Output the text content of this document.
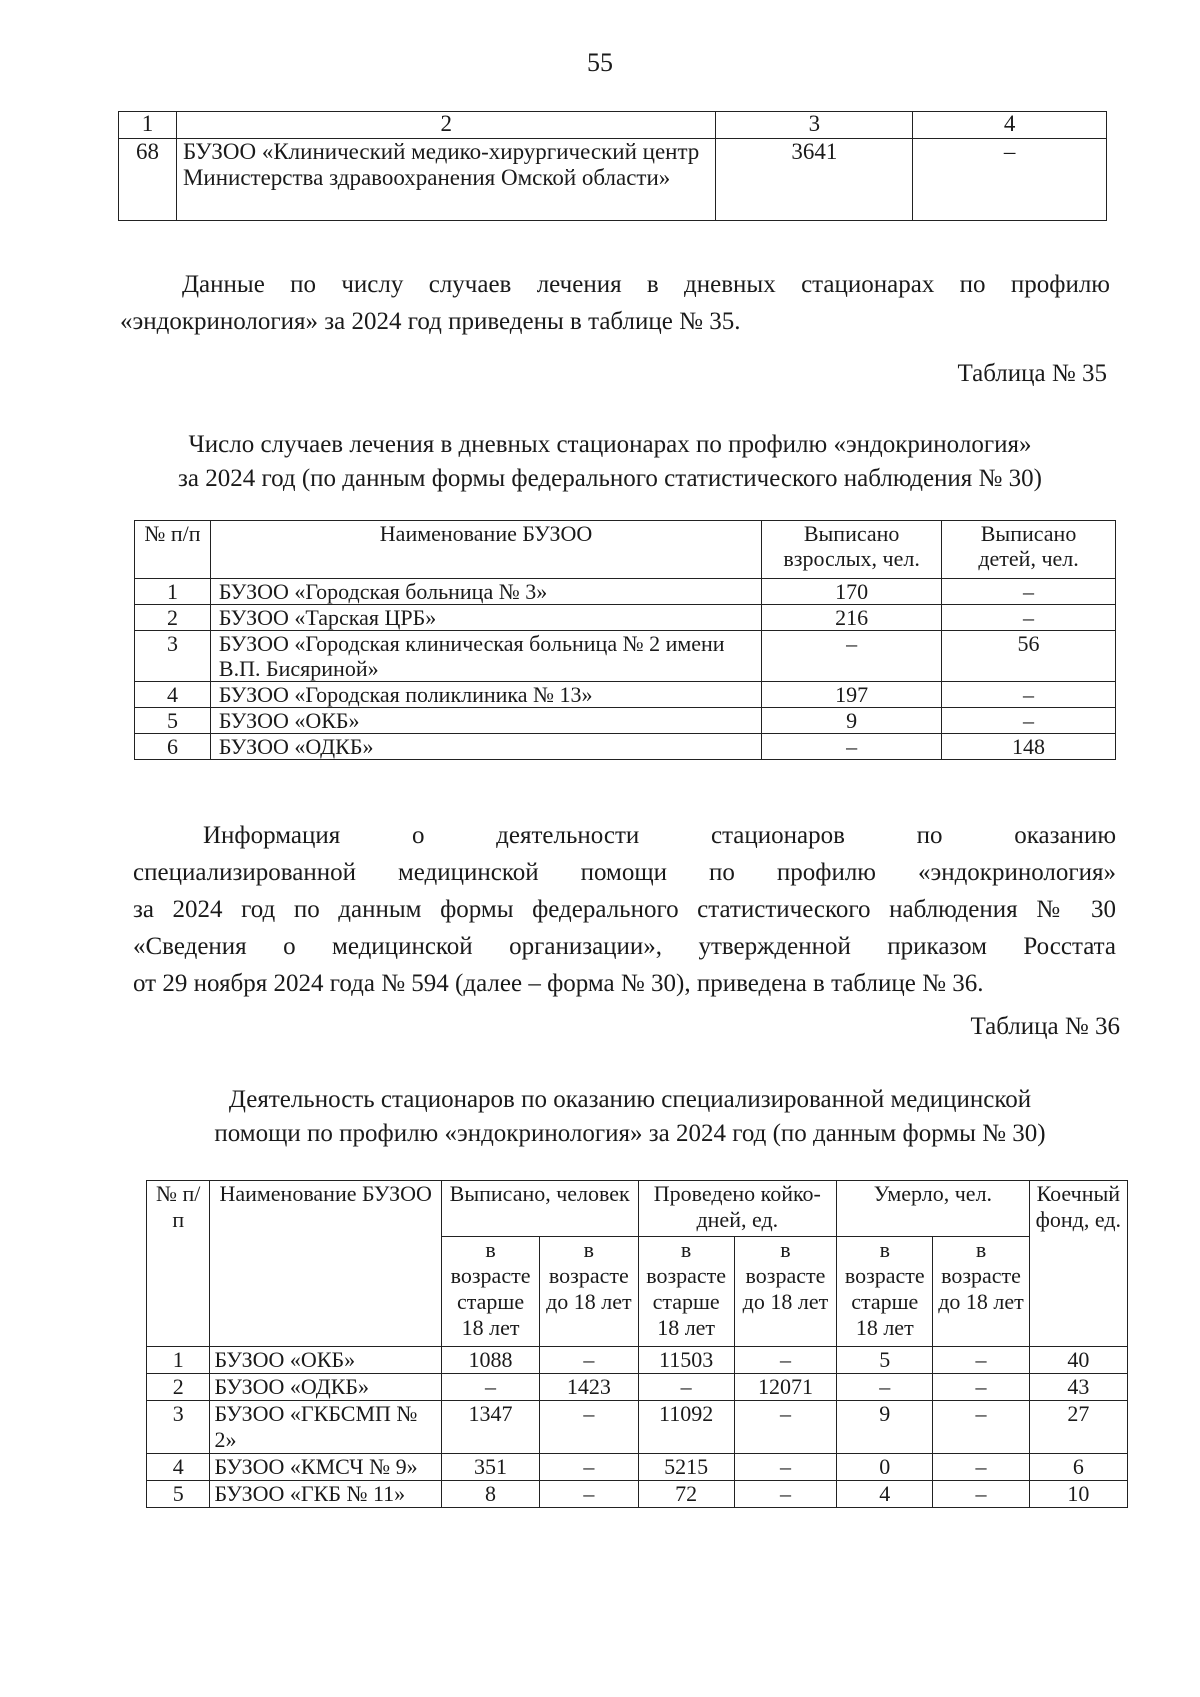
55
1	2	3	4
68	БУЗОО «Клинический медико-хирургический центр Министерства здравоохранения Омской области»	3641	–
Данные по числу случаев лечения в дневных стационарах по профилю «эндокринология» за 2024 год приведены в таблице № 35.
Таблица № 35
Число случаев лечения в дневных стационарах по профилю «эндокринология»
за 2024 год (по данным формы федерального статистического наблюдения № 30)
№ п/п	Наименование БУЗОО	Выписано взрослых, чел.	Выписано детей, чел.
1	БУЗОО «Городская больница № 3»	170	–
2	БУЗОО «Тарская ЦРБ»	216	–
3	БУЗОО «Городская клиническая больница № 2 имени В.П. Бисяриной»	–	56
4	БУЗОО «Городская поликлиника № 13»	197	–
5	БУЗОО «ОКБ»	9	–
6	БУЗОО «ОДКБ»	–	148
Информация о деятельности стационаров по оказанию
специализированной медицинской помощи по профилю «эндокринология»
за 2024 год по данным формы федерального статистического наблюдения № 30
«Сведения о медицинской организации», утвержденной приказом Росстата
от 29 ноября 2024 года № 594 (далее – форма № 30), приведена в таблице № 36.
Таблица № 36
Деятельность стационаров по оказанию специализированной медицинской
помощи по профилю «эндокринология» за 2024 год (по данным формы № 30)
№ п/п	Наименование БУЗОО	Выписано, человек		Проведено койко-дней, ед.		Умерло, чел.		Коечный фонд, ед.
		в возрасте старше 18 лет	в возрасте до 18 лет	в возрасте старше 18 лет	в возрасте до 18 лет	в возрасте старше 18 лет	в возрасте до 18 лет	
1	БУЗОО «ОКБ»	1088	–	11503	–	5	–	40
2	БУЗОО «ОДКБ»	–	1423	–	12071	–	–	43
3	БУЗОО «ГКБСМП № 2»	1347	–	11092	–	9	–	27
4	БУЗОО «КМСЧ № 9»	351	–	5215	–	0	–	6
5	БУЗОО «ГКБ № 11»	8	–	72	–	4	–	10
